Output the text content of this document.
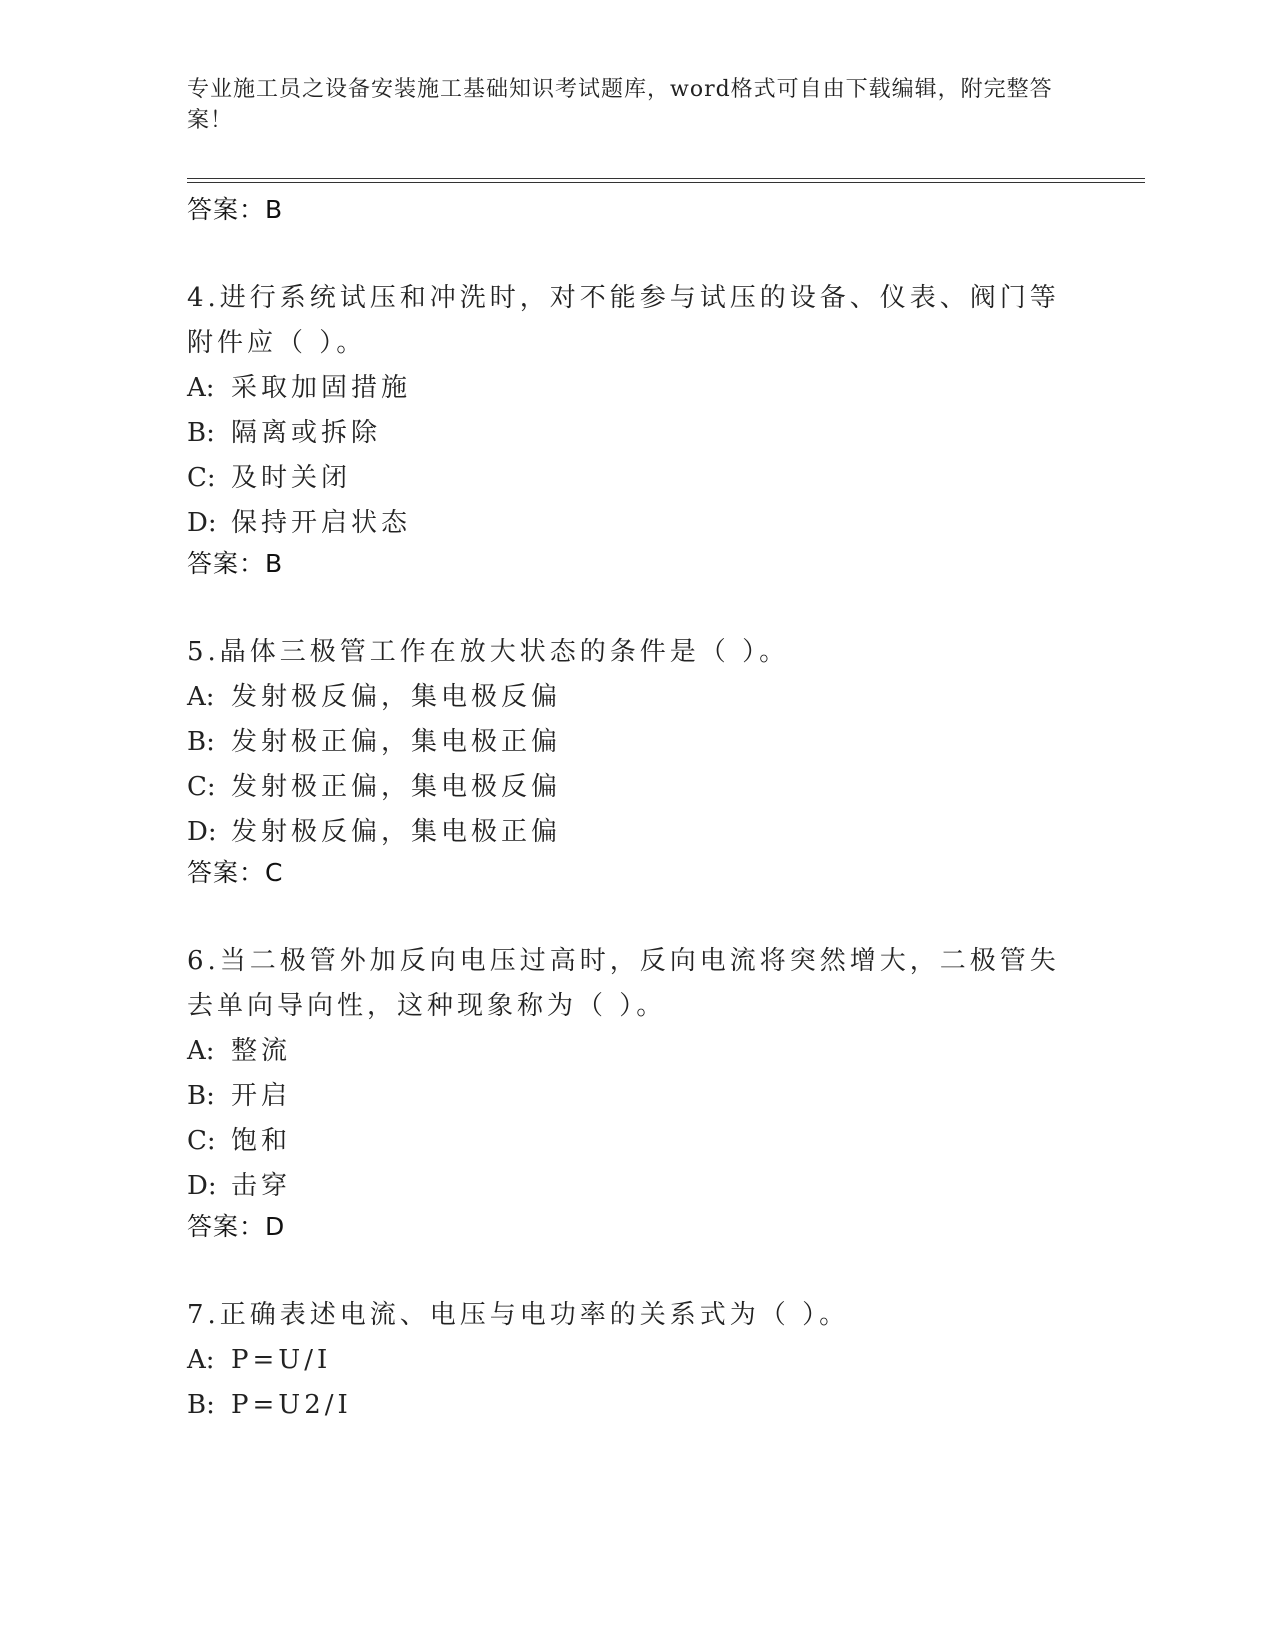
专业施工员之设备安装施工基础知识考试题库，word格式可自由下载编辑，附完整答案！

答案：B

4.进行系统试压和冲洗时，对不能参与试压的设备、仪表、阀门等附件应（ ）。

A: 采取加固措施
B: 隔离或拆除
C: 及时关闭
D: 保持开启状态

答案：B

5.晶体三极管工作在放大状态的条件是（ ）。

A: 发射极反偏，集电极反偏
B: 发射极正偏，集电极正偏
C: 发射极正偏，集电极反偏
D: 发射极反偏，集电极正偏

答案：C

6.当二极管外加反向电压过高时，反向电流将突然增大，二极管失去单向导向性，这种现象称为（ ）。

A: 整流
B: 开启
C: 饱和
D: 击穿

答案：D

7.正确表述电流、电压与电功率的关系式为（ ）。

A: P=U/I
B: P=U2/I
